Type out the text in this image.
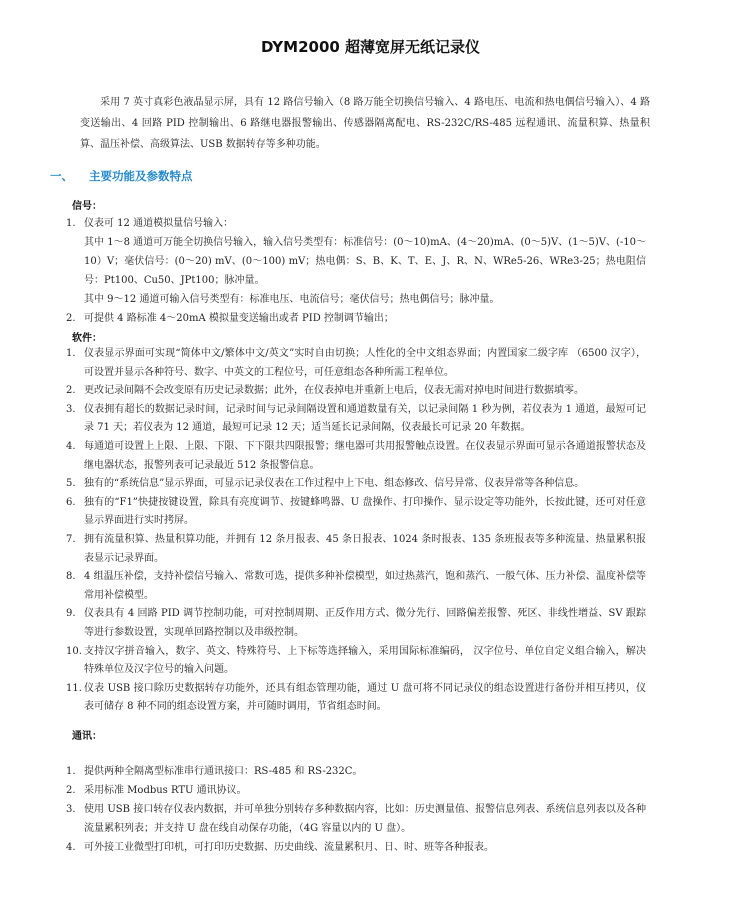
DYM2000 超薄宽屏无纸记录仪

采用 7 英寸真彩色液晶显示屏，具有 12 路信号输入（8 路万能全切换信号输入、4 路电压、电流和热电偶信号输入）、4 路变送输出、4 回路 PID 控制输出、6 路继电器报警输出、传感器隔离配电、RS-232C/RS-485 远程通讯、流量积算、热量积算、温压补偿、高级算法、USB 数据转存等多种功能。

一、 主要功能及参数特点
信号：
1. 仪表可 12 通道模拟量信号输入：

其中 1～8 通道可万能全切换信号输入，输入信号类型有：标准信号：(0～10)mA、(4～20)mA、(0～5)V、(1～5)V、(-10～10）V；毫伏信号：(0～20) mV、(0～100) mV；热电偶：S、B、K、T、E、J、R、N、WRe5-26、WRe3-25；热电阻信号：Pt100、Cu50、JPt100；脉冲量。

其中 9～12 通道可输入信号类型有：标准电压、电流信号；毫伏信号；热电偶信号；脉冲量。

2. 可提供 4 路标准 4～20mA 模拟量变送输出或者 PID 控制调节输出；
软件：
1. 仪表显示界面可实现“简体中文/繁体中文/英文”实时自由切换；人性化的全中文组态界面；内置国家二级字库 （6500 汉字），可设置并显示各种符号、数字、中英文的工程位号，可任意组态各种所需工程单位。
2. 更改记录间隔不会改变原有历史记录数据；此外，在仪表掉电并重新上电后，仪表无需对掉电时间进行数据填零。
3. 仪表拥有超长的数据记录时间，记录时间与记录间隔设置和通道数量有关，以记录间隔 1 秒为例，若仪表为 1 通道，最短可记录 71 天；若仪表为 12 通道，最短可记录 12 天；适当延长记录间隔，仪表最长可记录 20 年数据。
4. 每通道可设置上上限、上限、下限、下下限共四限报警；继电器可共用报警触点设置。在仪表显示界面可显示各通道报警状态及继电器状态，报警列表可记录最近 512 条报警信息。
5. 独有的“系统信息”显示界面，可显示记录仪表在工作过程中上下电、组态修改、信号异常、仪表异常等各种信息。
6. 独有的“F1”快捷按键设置，除具有亮度调节、按键蜂鸣器、U 盘操作、打印操作、显示设定等功能外，长按此键，还可对任意显示界面进行实时拷屏。
7. 拥有流量积算、热量积算功能，并拥有 12 条月报表、45 条日报表、1024 条时报表、135 条班报表等多种流量、热量累积报表显示记录界面。
8. 4 组温压补偿，支持补偿信号输入、常数可选，提供多种补偿模型，如过热蒸汽，饱和蒸汽、一般气体、压力补偿、温度补偿等常用补偿模型。
9. 仪表具有 4 回路 PID 调节控制功能，可对控制周期、正反作用方式、微分先行、回路偏差报警、死区、非线性增益、SV 跟踪等进行参数设置，实现单回路控制以及串级控制。
10. 支持汉字拼音输入，数字、英文、特殊符号、上下标等选择输入，采用国际标准编码， 汉字位号、单位自定义组合输入，解决特殊单位及汉字位号的输入问题。
11. 仪表 USB 接口除历史数据转存功能外，还具有组态管理功能，通过 U 盘可将不同记录仪的组态设置进行备份并相互拷贝，仪表可储存 8 种不同的组态设置方案，并可随时调用，节省组态时间。
通讯：
1. 提供两种全隔离型标准串行通讯接口：RS-485 和 RS-232C。
2. 采用标准 Modbus RTU 通讯协议。
3. 使用 USB 接口转存仪表内数据，并可单独分别转存多种数据内容，比如：历史测量值、报警信息列表、系统信息列表以及各种流量累积列表；并支持 U 盘在线自动保存功能，（4G 容量以内的 U 盘）。
4. 可外接工业微型打印机，可打印历史数据、历史曲线、流量累积月、日、时、班等各种报表。
